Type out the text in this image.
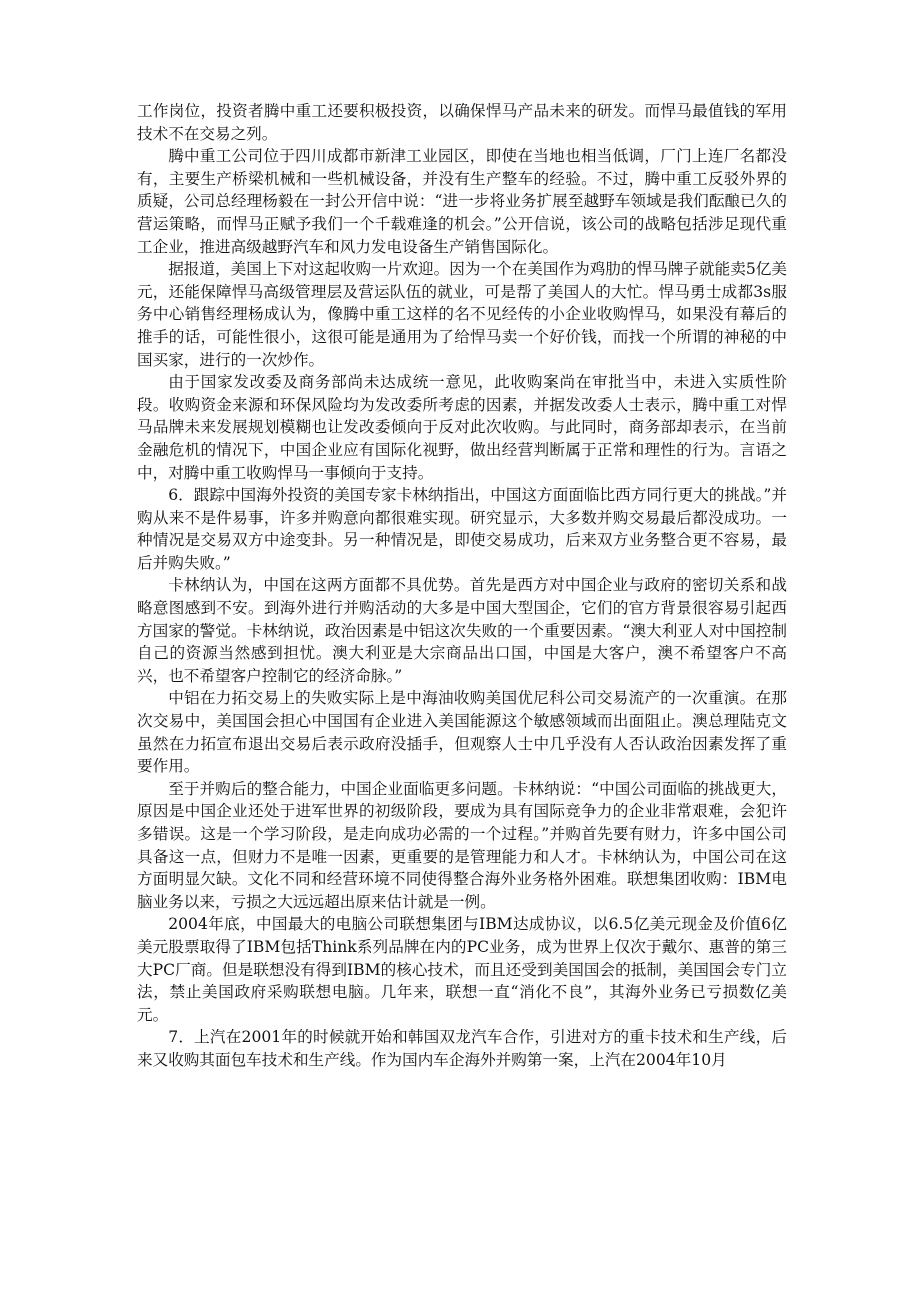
工作岗位，投资者腾中重工还要积极投资，以确保悍马产品未来的研发。而悍马最值钱的军用技术不在交易之列。

腾中重工公司位于四川成都市新津工业园区，即使在当地也相当低调，厂门上连厂名都没有，主要生产桥梁机械和一些机械设备，并没有生产整车的经验。不过，腾中重工反驳外界的质疑，公司总经理杨毅在一封公开信中说：“进一步将业务扩展至越野车领域是我们酝酿已久的营运策略，而悍马正赋予我们一个千载难逢的机会。”公开信说，该公司的战略包括涉足现代重工企业，推进高级越野汽车和风力发电设备生产销售国际化。

据报道，美国上下对这起收购一片欢迎。因为一个在美国作为鸡肋的悍马牌子就能卖5亿美元，还能保障悍马高级管理层及营运队伍的就业，可是帮了美国人的大忙。悍马勇士成都3s服务中心销售经理杨成认为，像腾中重工这样的名不见经传的小企业收购悍马，如果没有幕后的推手的话，可能性很小，这很可能是通用为了给悍马卖一个好价钱，而找一个所谓的神秘的中国买家，进行的一次炒作。

由于国家发改委及商务部尚未达成统一意见，此收购案尚在审批当中，未进入实质性阶段。收购资金来源和环保风险均为发改委所考虑的因素，并据发改委人士表示，腾中重工对悍马品牌未来发展规划模糊也让发改委倾向于反对此次收购。与此同时，商务部却表示，在当前金融危机的情况下，中国企业应有国际化视野，做出经营判断属于正常和理性的行为。言语之中，对腾中重工收购悍马一事倾向于支持。

6．跟踪中国海外投资的美国专家卡林纳指出，中国这方面面临比西方同行更大的挑战。”并购从来不是件易事，许多并购意向都很难实现。研究显示，大多数并购交易最后都没成功。一种情况是交易双方中途变卦。另一种情况是，即使交易成功，后来双方业务整合更不容易，最后并购失败。”

卡林纳认为，中国在这两方面都不具优势。首先是西方对中国企业与政府的密切关系和战略意图感到不安。到海外进行并购活动的大多是中国大型国企，它们的官方背景很容易引起西方国家的警觉。卡林纳说，政治因素是中铝这次失败的一个重要因素。“澳大利亚人对中国控制自己的资源当然感到担忧。澳大利亚是大宗商品出口国，中国是大客户，澳不希望客户不高兴，也不希望客户控制它的经济命脉。”

中铝在力拓交易上的失败实际上是中海油收购美国优尼科公司交易流产的一次重演。在那次交易中，美国国会担心中国国有企业进入美国能源这个敏感领域而出面阻止。澳总理陆克文虽然在力拓宣布退出交易后表示政府没插手，但观察人士中几乎没有人否认政治因素发挥了重要作用。

至于并购后的整合能力，中国企业面临更多问题。卡林纳说：“中国公司面临的挑战更大，原因是中国企业还处于进军世界的初级阶段，要成为具有国际竞争力的企业非常艰难，会犯许多错误。这是一个学习阶段，是走向成功必需的一个过程。”并购首先要有财力，许多中国公司具备这一点，但财力不是唯一因素，更重要的是管理能力和人才。卡林纳认为，中国公司在这方面明显欠缺。文化不同和经营环境不同使得整合海外业务格外困难。联想集团收购：IBM电脑业务以来，亏损之大远远超出原来估计就是一例。

2004年底，中国最大的电脑公司联想集团与IBM达成协议，以6.5亿美元现金及价值6亿美元股票取得了IBM包括Think系列品牌在内的PC业务，成为世界上仅次于戴尔、惠普的第三大PC厂商。但是联想没有得到IBM的核心技术，而且还受到美国国会的抵制，美国国会专门立法，禁止美国政府采购联想电脑。几年来，联想一直“消化不良”，其海外业务已亏损数亿美元。

7．上汽在2001年的时候就开始和韩国双龙汽车合作，引进对方的重卡技术和生产线，后来又收购其面包车技术和生产线。作为国内车企海外并购第一案，上汽在2004年10月
